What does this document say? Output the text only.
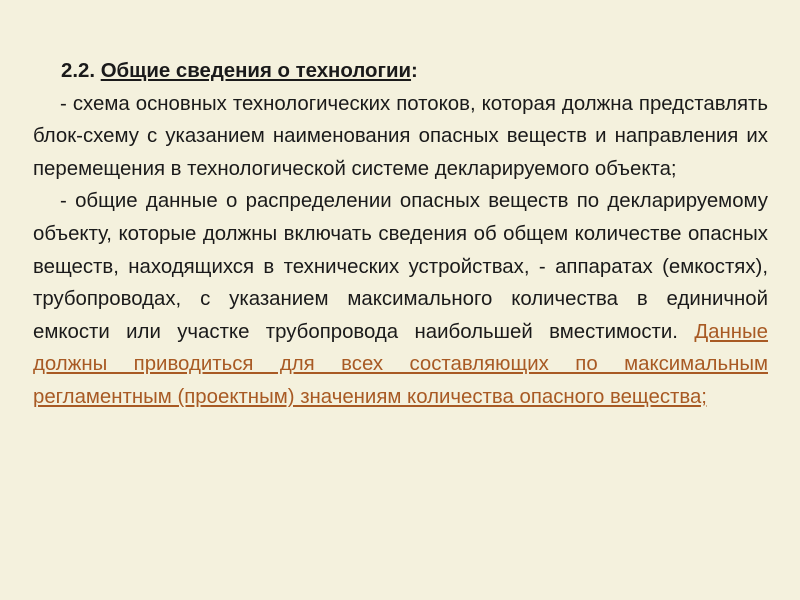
2.2. Общие сведения о технологии:

- схема основных технологических потоков, которая должна представлять блок-схему с указанием наименования опасных веществ и направления их перемещения в технологической системе декларируемого объекта;

- общие данные о распределении опасных веществ по декларируемому объекту, которые должны включать сведения об общем количестве опасных веществ, находящихся в технических устройствах, - аппаратах (емкостях), трубопроводах, с указанием максимального количества в единичной емкости или участке трубопровода наибольшей вместимости. Данные должны приводиться для всех составляющих по максимальным регламентным (проектным) значениям количества опасного вещества;
